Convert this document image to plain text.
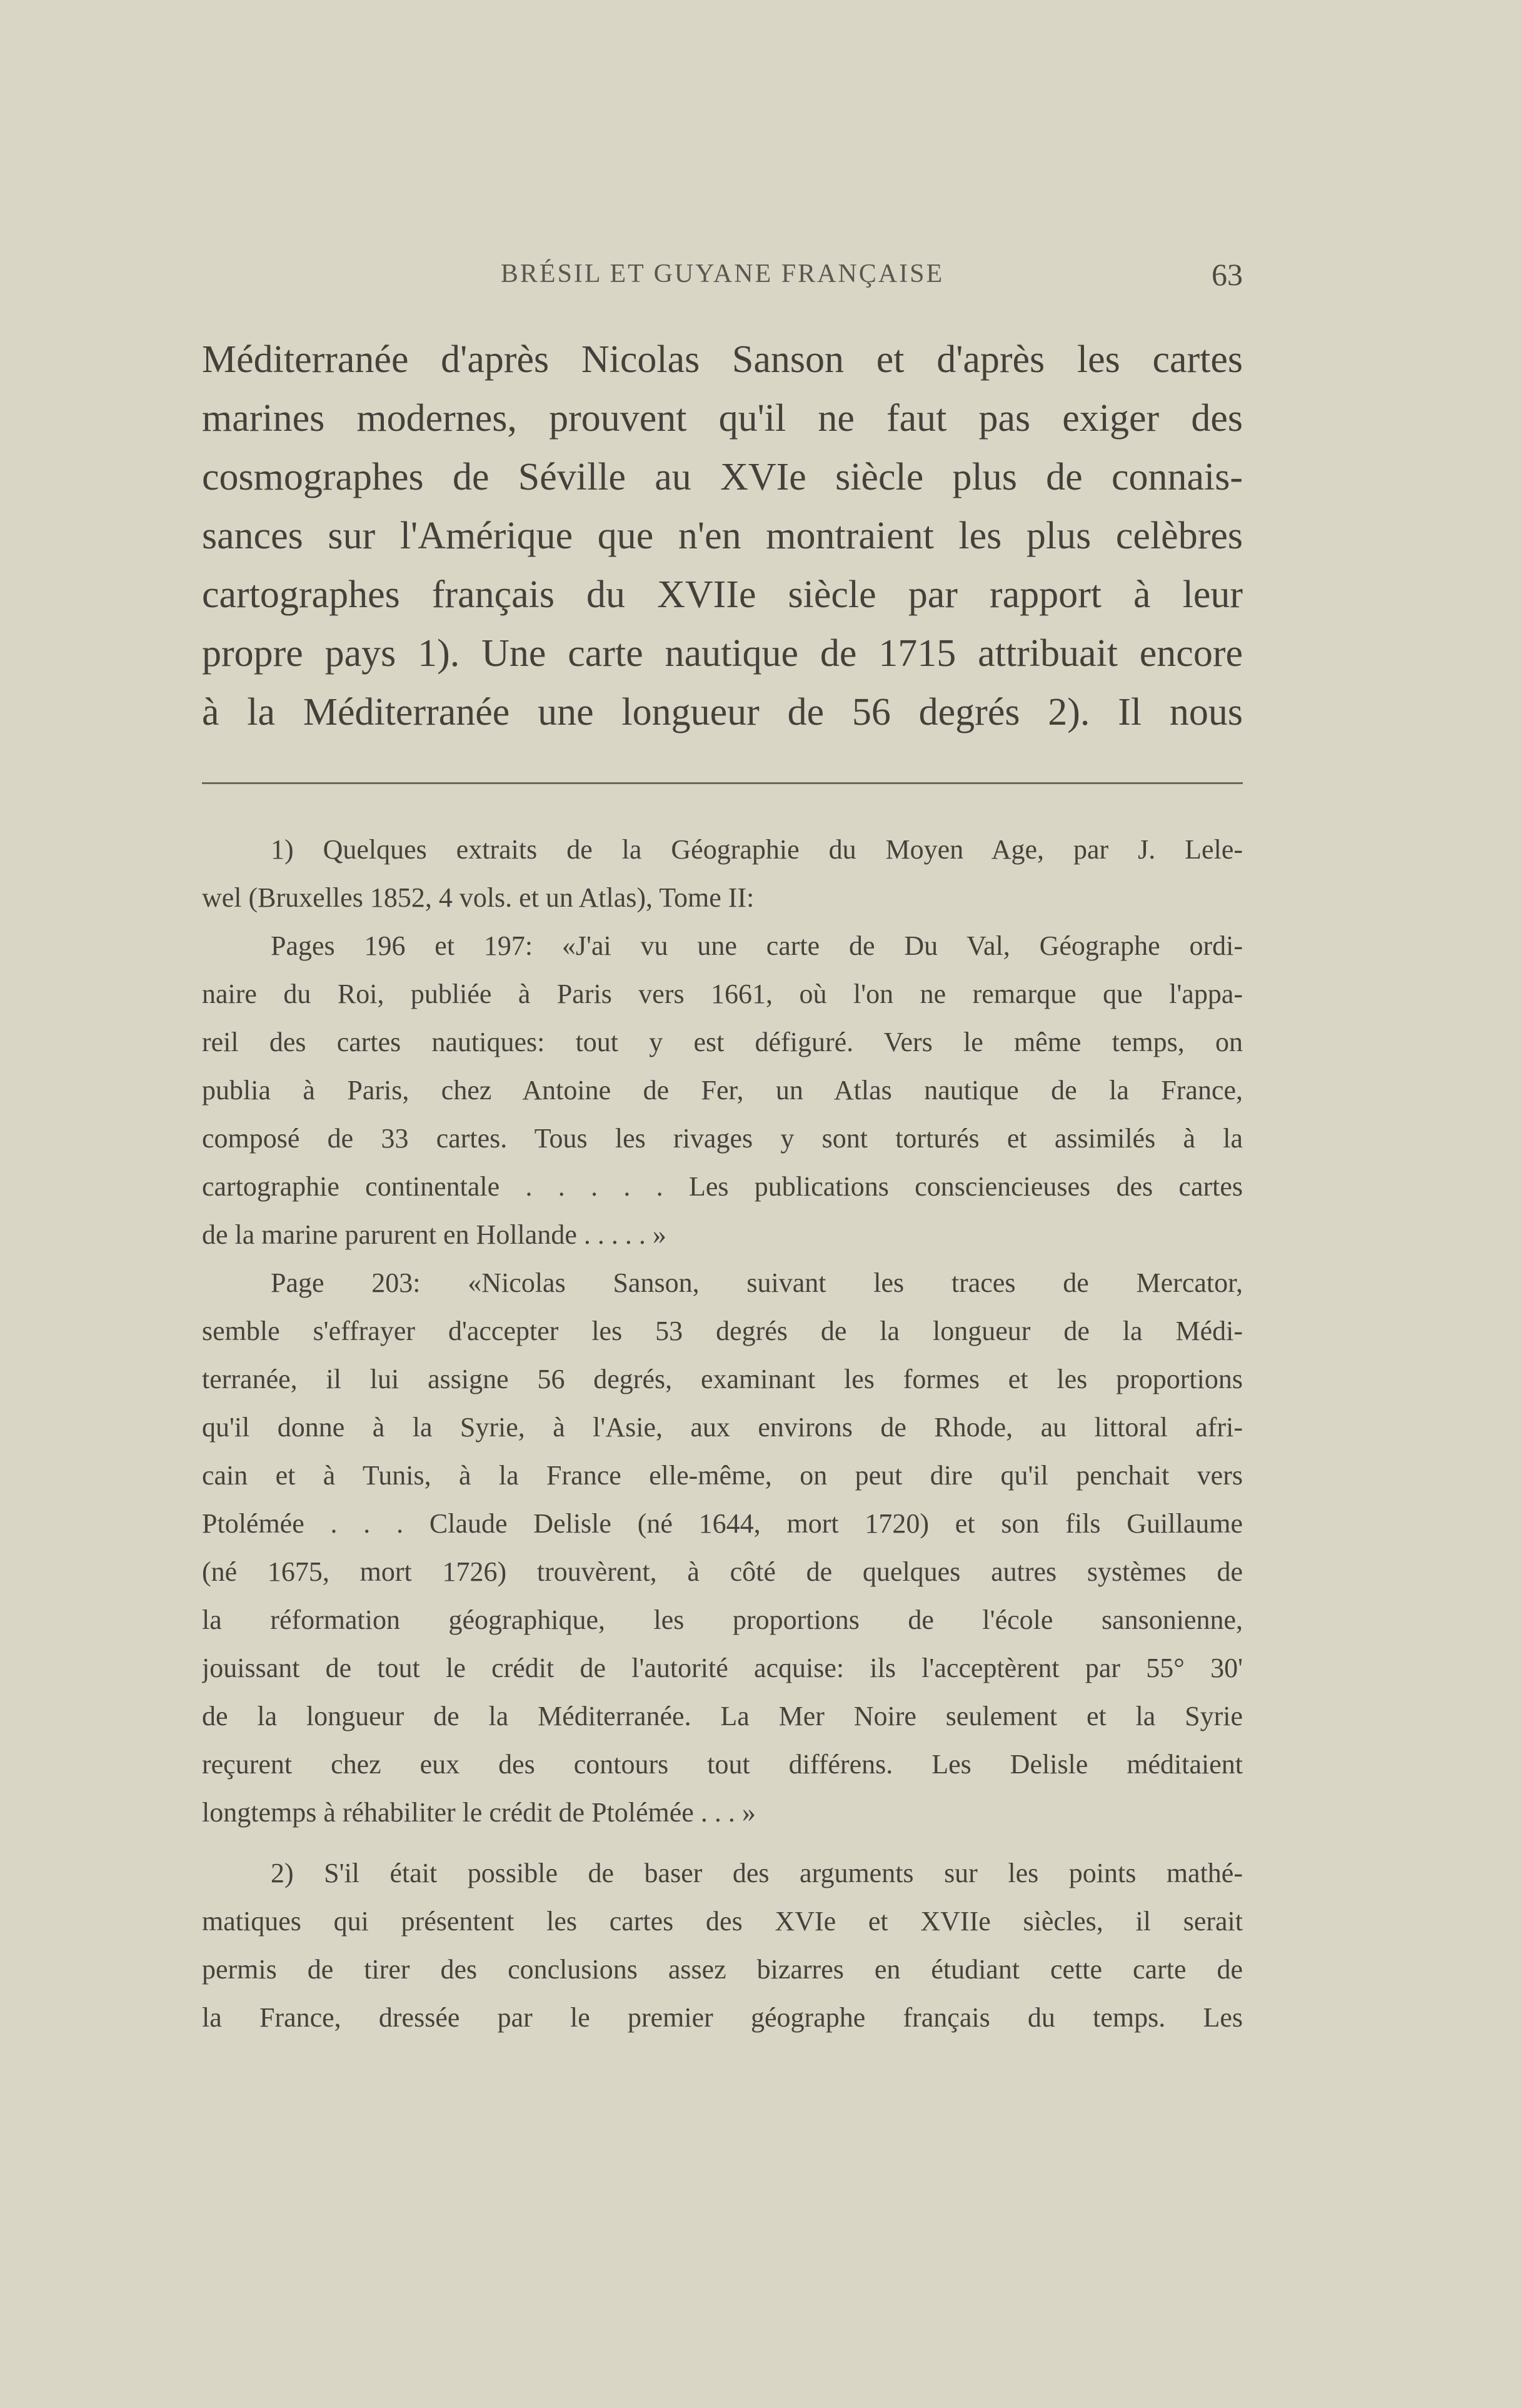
BRÉSIL ET GUYANE FRANÇAISE	63
Méditerranée d'après Nicolas Sanson et d'après les cartes
marines modernes, prouvent qu'il ne faut pas exiger des
cosmographes de Séville au XVIe siècle plus de connais-
sances sur l'Amérique que n'en montraient les plus celèbres
cartographes français du XVIIe siècle par rapport à leur
propre pays 1). Une carte nautique de 1715 attribuait encore
à la Méditerranée une longueur de 56 degrés 2). Il nous
1) Quelques extraits de la Géographie du Moyen Age, par J. Lele-
wel (Bruxelles 1852, 4 vols. et un Atlas), Tome II:
Pages 196 et 197: «J'ai vu une carte de Du Val, Géographe ordi-
naire du Roi, publiée à Paris vers 1661, où l'on ne remarque que l'appa-
reil des cartes nautiques: tout y est défiguré. Vers le même temps, on
publia à Paris, chez Antoine de Fer, un Atlas nautique de la France,
composé de 33 cartes. Tous les rivages y sont torturés et assimilés à la
cartographie continentale . . . . . Les publications consciencieuses des cartes
de la marine parurent en Hollande . . . . . »
Page 203: «Nicolas Sanson, suivant les traces de Mercator,
semble s'effrayer d'accepter les 53 degrés de la longueur de la Médi-
terranée, il lui assigne 56 degrés, examinant les formes et les proportions
qu'il donne à la Syrie, à l'Asie, aux environs de Rhode, au littoral afri-
cain et à Tunis, à la France elle-même, on peut dire qu'il penchait vers
Ptolémée . . . Claude Delisle (né 1644, mort 1720) et son fils Guillaume
(né 1675, mort 1726) trouvèrent, à côté de quelques autres systèmes de
la réformation géographique, les proportions de l'école sansonienne,
jouissant de tout le crédit de l'autorité acquise: ils l'acceptèrent par 55° 30'
de la longueur de la Méditerranée. La Mer Noire seulement et la Syrie
reçurent chez eux des contours tout différens. Les Delisle méditaient
longtemps à réhabiliter le crédit de Ptolémée . . . »
2) S'il était possible de baser des arguments sur les points mathé-
matiques qui présentent les cartes des XVIe et XVIIe siècles, il serait
permis de tirer des conclusions assez bizarres en étudiant cette carte de
la France, dressée par le premier géographe français du temps. Les
